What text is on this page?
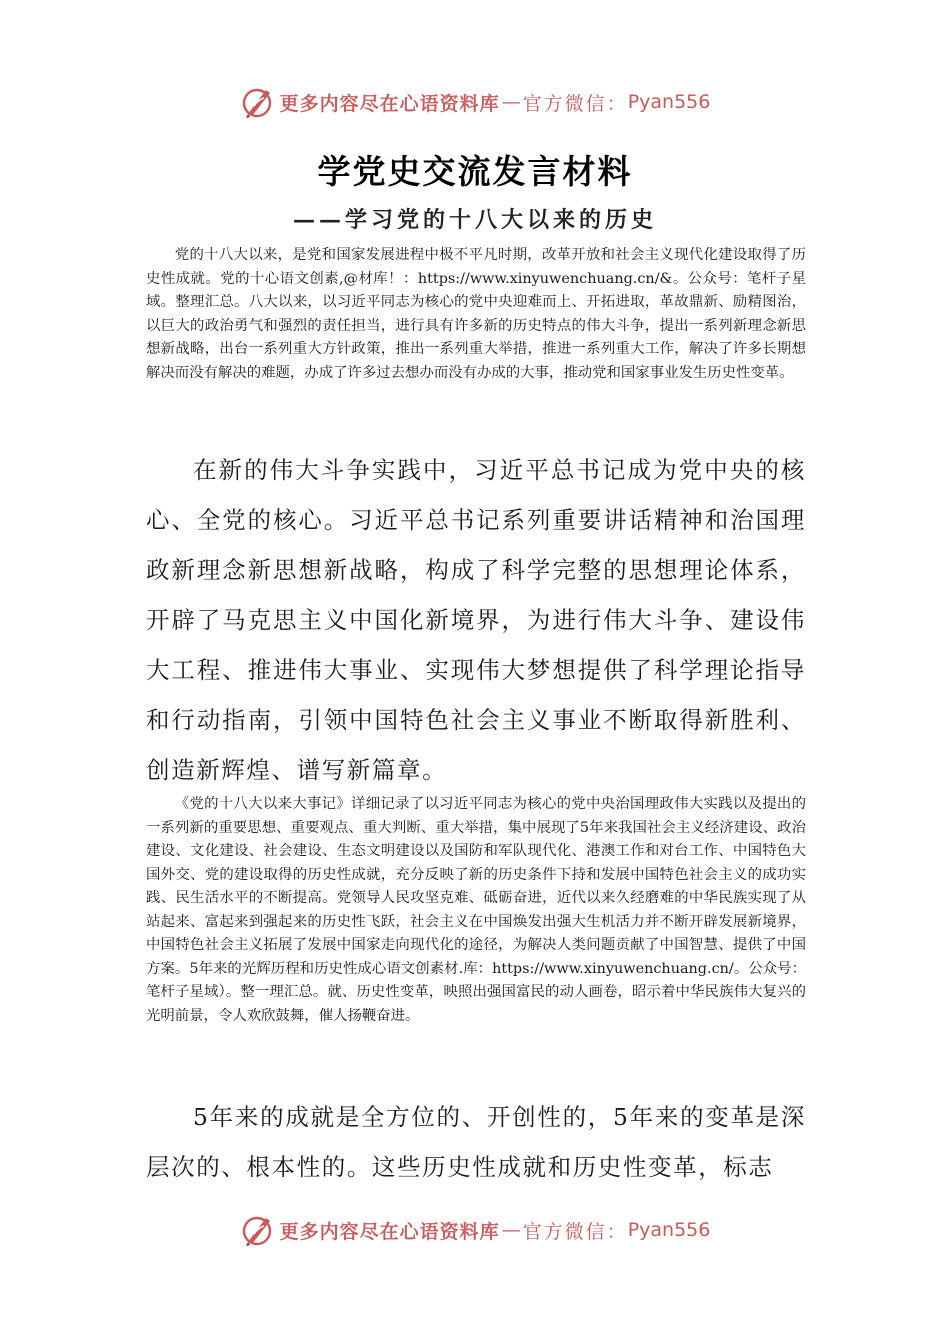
更多内容尽在心语资料库 — 官方微信： Pyan556
学党史交流发言材料
——学习党的十八大以来的历史

党的十八大以来，是党和国家发展进程中极不平凡时期，改革开放和社会主义现代化建设取得了历史性成就。党的十心语文创素,@材库！：https://www.xinyuwenchuang.cn/&。公众号：笔杆子星域。整理汇总。八大以来，以习近平同志为核心的党中央迎难而上、开拓进取，革故鼎新、励精图治，以巨大的政治勇气和强烈的责任担当，进行具有许多新的历史特点的伟大斗争，提出一系列新理念新思想新战略，出台一系列重大方针政策，推出一系列重大举措，推进一系列重大工作，解决了许多长期想解决而没有解决的难题，办成了许多过去想办而没有办成的大事，推动党和国家事业发生历史性变革。

在新的伟大斗争实践中，习近平总书记成为党中央的核心、全党的核心。习近平总书记系列重要讲话精神和治国理政新理念新思想新战略，构成了科学完整的思想理论体系，开辟了马克思主义中国化新境界，为进行伟大斗争、建设伟大工程、推进伟大事业、实现伟大梦想提供了科学理论指导和行动指南，引领中国特色社会主义事业不断取得新胜利、创造新辉煌、谱写新篇章。

《党的十八大以来大事记》详细记录了以习近平同志为核心的党中央治国理政伟大实践以及提出的一系列新的重要思想、重要观点、重大判断、重大举措，集中展现了5年来我国社会主义经济建设、政治建设、文化建设、社会建设、生态文明建设以及国防和军队现代化、港澳工作和对台工作、中国特色大国外交、党的建设取得的历史性成就，充分反映了新的历史条件下持和发展中国特色社会主义的成功实践、民生活水平的不断提高。党领导人民攻坚克难、砥砺奋进，近代以来久经磨难的中华民族实现了从站起来、富起来到强起来的历史性飞跃，社会主义在中国焕发出强大生机活力并不断开辟发展新境界，中国特色社会主义拓展了发展中国家走向现代化的途径，为解决人类问题贡献了中国智慧、提供了中国方案。5年来的光辉历程和历史性成心语文创素材.库：https://www.xinyuwenchuang.cn/。公众号：笔杆子星域）。整一理汇总。就、历史性变革，映照出强国富民的动人画卷，昭示着中华民族伟大复兴的光明前景，令人欢欣鼓舞，催人扬鞭奋进。

5年来的成就是全方位的、开创性的，5年来的变革是深层次的、根本性的。这些历史性成就和历史性变革，标志

更多内容尽在心语资料库 — 官方微信： Pyan556
